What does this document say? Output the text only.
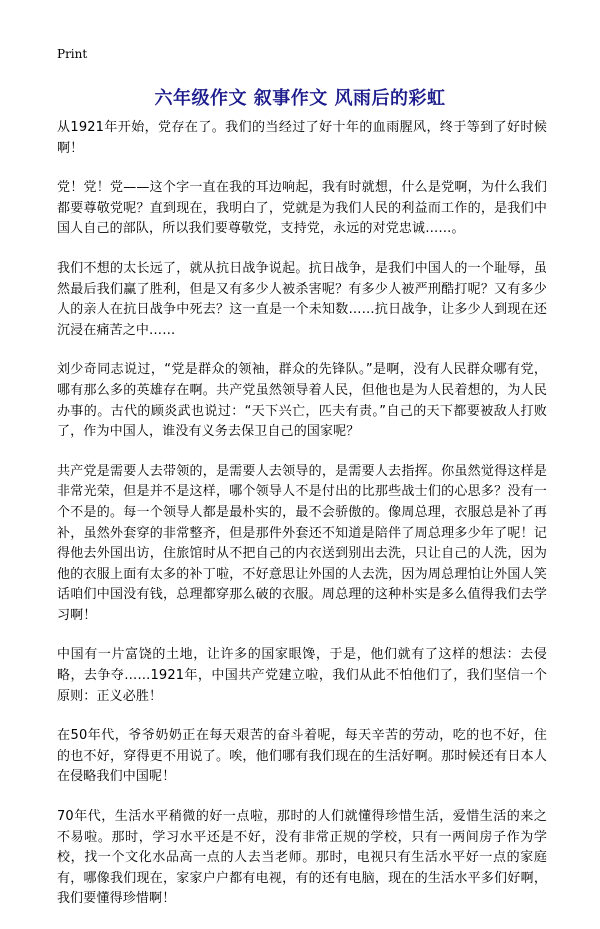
Print
六年级作文 叙事作文 风雨后的彩虹

从1921年开始，党存在了。我们的当经过了好十年的血雨腥风，终于等到了好时候啊！

党！党！党——这个字一直在我的耳边响起，我有时就想，什么是党啊，为什么我们都要尊敬党呢？直到现在，我明白了，党就是为我们人民的利益而工作的，是我们中国人自己的部队，所以我们要尊敬党，支持党，永远的对党忠诚……。

我们不想的太长远了，就从抗日战争说起。抗日战争，是我们中国人的一个耻辱，虽然最后我们赢了胜利，但是又有多少人被杀害呢？有多少人被严刑酷打呢？又有多少人的亲人在抗日战争中死去？这一直是一个未知数……抗日战争，让多少人到现在还沉浸在痛苦之中……

刘少奇同志说过，“党是群众的领袖，群众的先锋队。”是啊，没有人民群众哪有党，哪有那么多的英雄存在啊。共产党虽然领导着人民，但他也是为人民着想的，为人民办事的。古代的顾炎武也说过：“天下兴亡，匹夫有责。”自己的天下都要被敌人打败了，作为中国人，谁没有义务去保卫自己的国家呢？

共产党是需要人去带领的，是需要人去领导的，是需要人去指挥。你虽然觉得这样是非常光荣，但是并不是这样，哪个领导人不是付出的比那些战士们的心思多？没有一个不是的。每一个领导人都是最朴实的，最不会骄傲的。像周总理，衣服总是补了再补，虽然外套穿的非常整齐，但是那件外套还不知道是陪伴了周总理多少年了呢！记得他去外国出访，住旅馆时从不把自己的内衣送到别出去洗，只让自己的人洗，因为他的衣服上面有太多的补丁啦，不好意思让外国的人去洗，因为周总理怕让外国人笑话咱们中国没有钱，总理都穿那么破的衣服。周总理的这种朴实是多么值得我们去学习啊！

中国有一片富饶的土地，让许多的国家眼馋，于是，他们就有了这样的想法：去侵略，去争夺……1921年，中国共产党建立啦，我们从此不怕他们了，我们坚信一个原则：正义必胜！

在50年代，爷爷奶奶正在每天艰苦的奋斗着呢，每天辛苦的劳动，吃的也不好，住的也不好，穿得更不用说了。唉，他们哪有我们现在的生活好啊。那时候还有日本人在侵略我们中国呢！

70年代，生活水平稍微的好一点啦，那时的人们就懂得珍惜生活，爱惜生活的来之不易啦。那时，学习水平还是不好，没有非常正规的学校，只有一两间房子作为学校，找一个文化水品高一点的人去当老师。那时，电视只有生活水平好一点的家庭有，哪像我们现在，家家户户都有电视，有的还有电脑，现在的生活水平多们好啊，我们要懂得珍惜啊！
